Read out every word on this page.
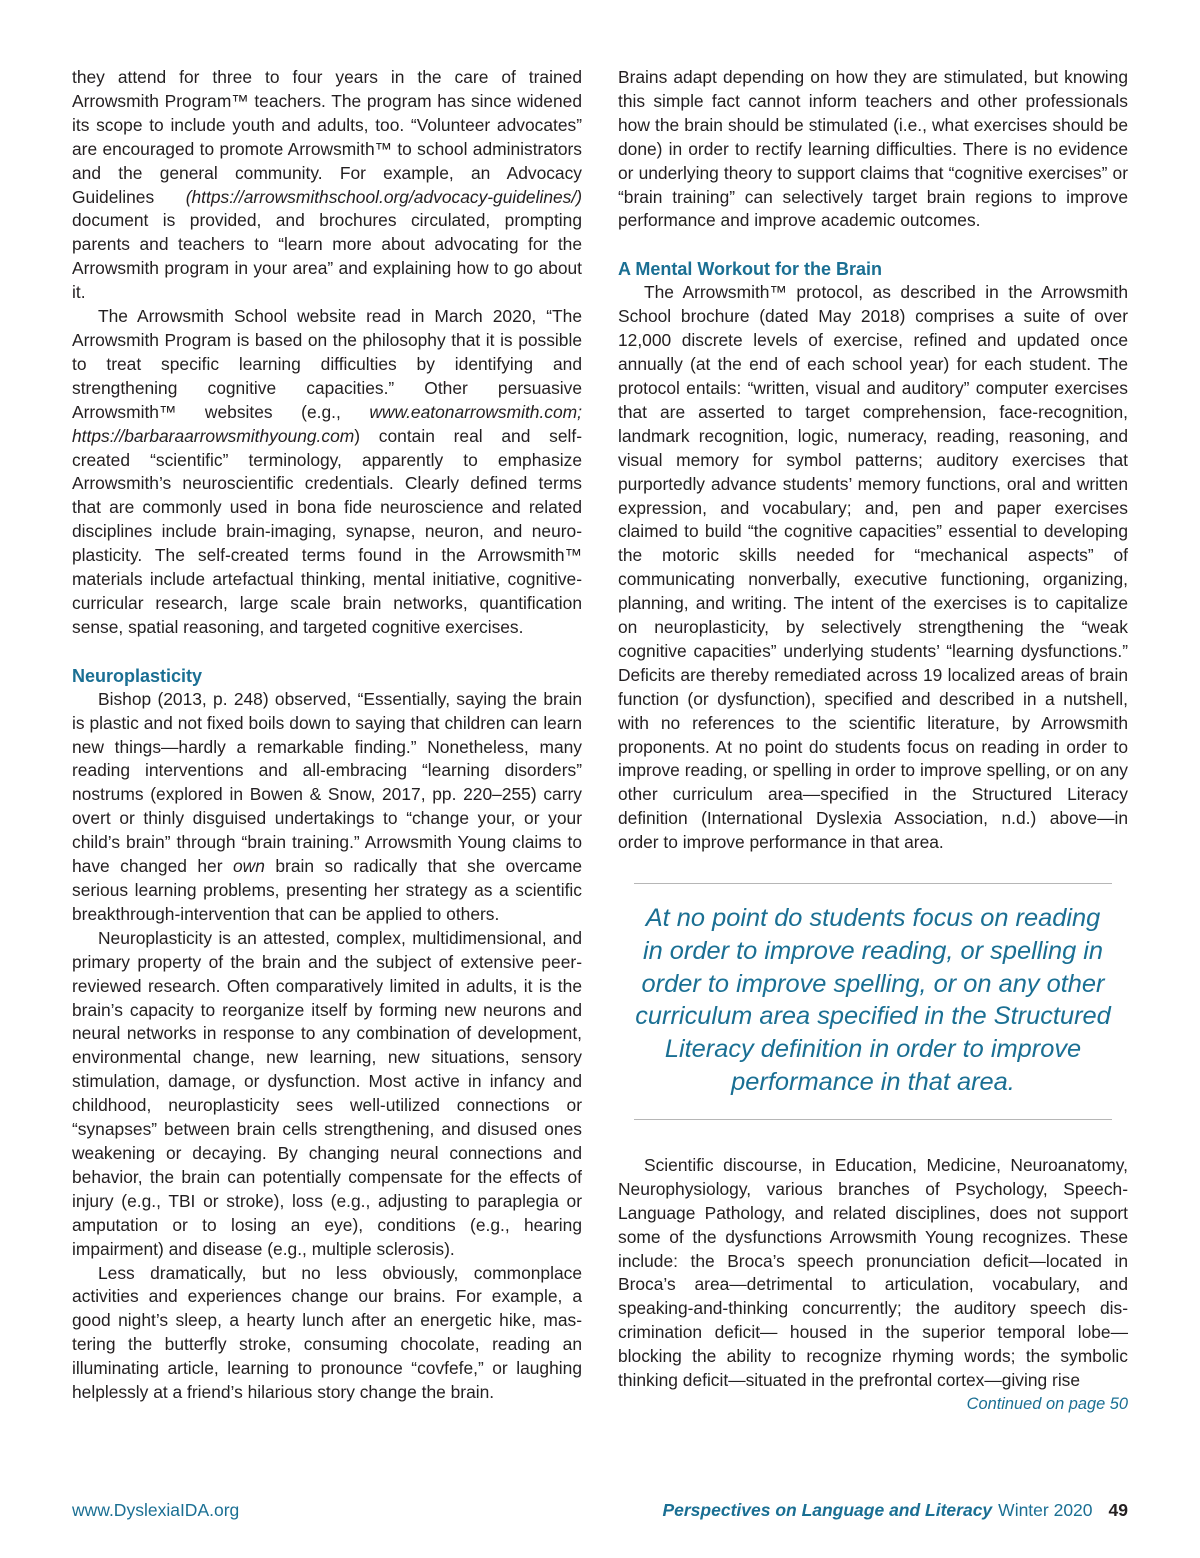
they attend for three to four years in the care of trained Arrowsmith Program™ teachers. The program has since widened its scope to include youth and adults, too. “Volunteer advocates” are encouraged to promote Arrowsmith™ to school administrators and the general community. For example, an Advocacy Guidelines (https://arrowsmithschool.org/advocacy-guidelines/) document is provided, and brochures circulated, prompting parents and teachers to “learn more about advocating for the Arrowsmith program in your area” and explaining how to go about it.

The Arrowsmith School website read in March 2020, “The Arrowsmith Program is based on the philosophy that it is possible to treat specific learning difficulties by identifying and strengthening cognitive capacities.” Other persuasive Arrowsmith™ websites (e.g., www.eatonarrowsmith.com; https://barbaraarrowsmithyoung.com) contain real and self-created “scientific” terminology, apparently to emphasize Arrowsmith’s neuroscientific credentials. Clearly defined terms that are commonly used in bona fide neuroscience and related disciplines include brain-imaging, synapse, neuron, and neuroplasticity. The self-created terms found in the Arrowsmith™ materials include artefactual thinking, mental initiative, cognitive-curricular research, large scale brain networks, quantification sense, spatial reasoning, and targeted cognitive exercises.

Neuroplasticity

Bishop (2013, p. 248) observed, “Essentially, saying the brain is plastic and not fixed boils down to saying that children can learn new things—hardly a remarkable finding.” Nonetheless, many reading interventions and all-embracing “learning disorders” nostrums (explored in Bowen & Snow, 2017, pp. 220–255) carry overt or thinly disguised undertakings to “change your, or your child’s brain” through “brain training.” Arrowsmith Young claims to have changed her own brain so radically that she overcame serious learning problems, presenting her strategy as a scientific breakthrough-intervention that can be applied to others.

Neuroplasticity is an attested, complex, multidimensional, and primary property of the brain and the subject of extensive peer-reviewed research. Often comparatively limited in adults, it is the brain’s capacity to reorganize itself by forming new neurons and neural networks in response to any combination of development, environmental change, new learning, new situations, sensory stimulation, damage, or dysfunction. Most active in infancy and childhood, neuroplasticity sees well-utilized connections or “synapses” between brain cells strengthening, and disused ones weakening or decaying. By changing neural connections and behavior, the brain can potentially compensate for the effects of injury (e.g., TBI or stroke), loss (e.g., adjusting to paraplegia or amputation or to losing an eye), conditions (e.g., hearing impairment) and disease (e.g., multiple sclerosis).

Less dramatically, but no less obviously, commonplace activities and experiences change our brains. For example, a good night’s sleep, a hearty lunch after an energetic hike, mastering the butterfly stroke, consuming chocolate, reading an illuminating article, learning to pronounce “covfefe,” or laughing helplessly at a friend’s hilarious story change the brain.

Brains adapt depending on how they are stimulated, but knowing this simple fact cannot inform teachers and other professionals how the brain should be stimulated (i.e., what exercises should be done) in order to rectify learning difficulties. There is no evidence or underlying theory to support claims that “cognitive exercises” or “brain training” can selectively target brain regions to improve performance and improve academic outcomes.

A Mental Workout for the Brain

The Arrowsmith™ protocol, as described in the Arrowsmith School brochure (dated May 2018) comprises a suite of over 12,000 discrete levels of exercise, refined and updated once annually (at the end of each school year) for each student. The protocol entails: “written, visual and auditory” computer exercises that are asserted to target comprehension, face-recognition, landmark recognition, logic, numeracy, reading, reasoning, and visual memory for symbol patterns; auditory exercises that purportedly advance students’ memory functions, oral and written expression, and vocabulary; and, pen and paper exercises claimed to build “the cognitive capacities” essential to developing the motoric skills needed for “mechanical aspects” of communicating nonverbally, executive functioning, organizing, planning, and writing. The intent of the exercises is to capitalize on neuroplasticity, by selectively strengthening the “weak cognitive capacities” underlying students’ “learning dysfunctions.” Deficits are thereby remediated across 19 localized areas of brain function (or dysfunction), specified and described in a nutshell, with no references to the scientific literature, by Arrowsmith proponents. At no point do students focus on reading in order to improve reading, or spelling in order to improve spelling, or on any other curriculum area—specified in the Structured Literacy definition (International Dyslexia Association, n.d.) above—in order to improve performance in that area.

At no point do students focus on reading in order to improve reading, or spelling in order to improve spelling, or on any other curriculum area specified in the Structured Literacy definition in order to improve performance in that area.

Scientific discourse, in Education, Medicine, Neuroanatomy, Neurophysiology, various branches of Psychology, Speech-Language Pathology, and related disciplines, does not support some of the dysfunctions Arrowsmith Young recognizes. These include: the Broca’s speech pronunciation deficit—located in Broca’s area—detrimental to articulation, vocabulary, and speaking-and-thinking concurrently; the auditory speech discrimination deficit— housed in the superior temporal lobe—blocking the ability to recognize rhyming words; the symbolic thinking deficit—situated in the prefrontal cortex—giving rise

Continued on page 50

www.DyslexiaIDA.org	Perspectives on Language and Literacy Winter 2020 49
